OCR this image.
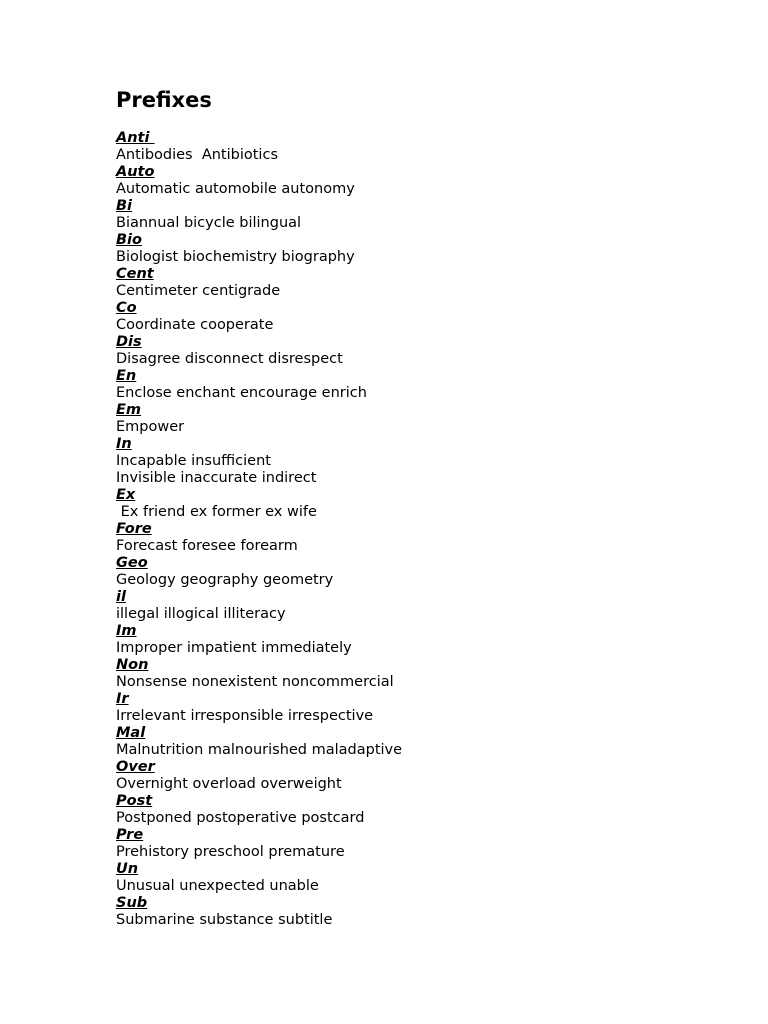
Prefixes
Anti
Antibodies  Antibiotics
Auto
Automatic automobile autonomy
Bi
Biannual bicycle bilingual
Bio
Biologist biochemistry biography
Cent
Centimeter centigrade
Co
Coordinate cooperate
Dis
Disagree disconnect disrespect
En
Enclose enchant encourage enrich
Em
Empower
In
Incapable insufficient
Invisible inaccurate indirect
Ex
Ex friend ex former ex wife
Fore
Forecast foresee forearm
Geo
Geology geography geometry
il
illegal illogical illiteracy
Im
Improper impatient immediately
Non
Nonsense nonexistent noncommercial
Ir
Irrelevant irresponsible irrespective
Mal
Malnutrition malnourished maladaptive
Over
Overnight overload overweight
Post
Postponed postoperative postcard
Pre
Prehistory preschool premature
Un
Unusual unexpected unable
Sub
Submarine substance subtitle
